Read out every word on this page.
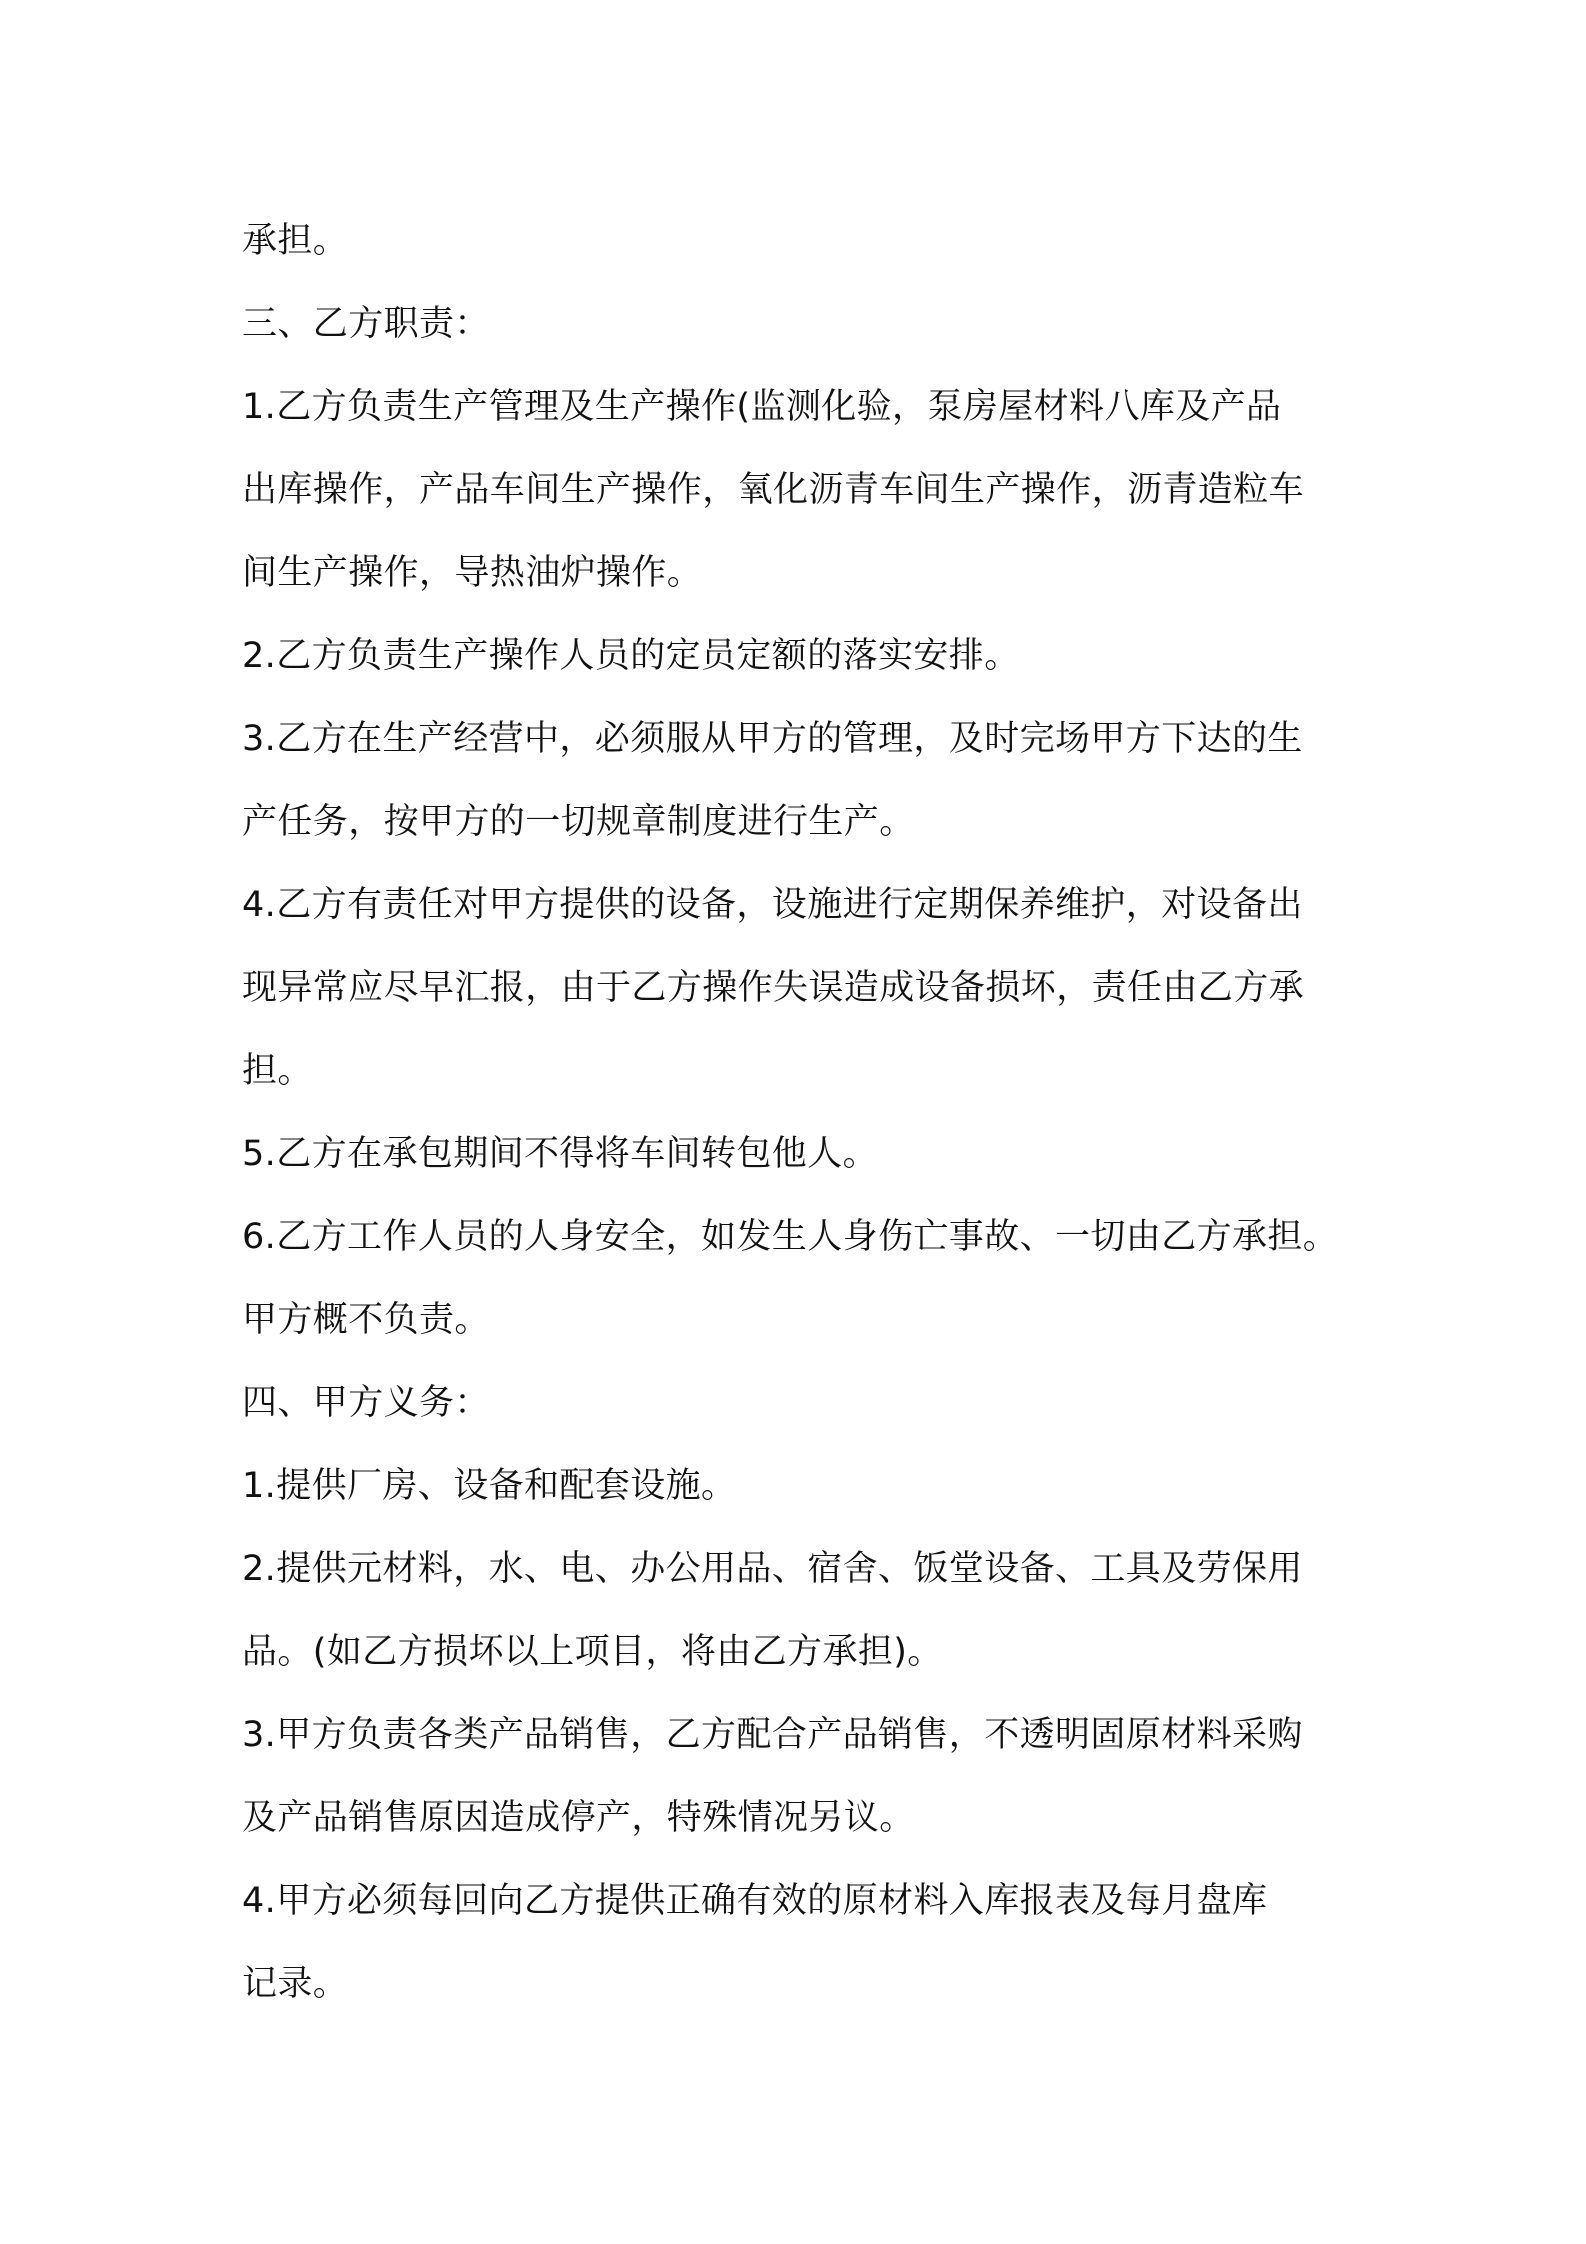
承担。
三、乙方职责：
1.乙方负责生产管理及生产操作(监测化验，泵房屋材料八库及产品
出库操作，产品车间生产操作，氧化沥青车间生产操作，沥青造粒车
间生产操作，导热油炉操作。
2.乙方负责生产操作人员的定员定额的落实安排。
3.乙方在生产经营中，必须服从甲方的管理，及时完场甲方下达的生
产任务，按甲方的一切规章制度进行生产。
4.乙方有责任对甲方提供的设备，设施进行定期保养维护，对设备出
现异常应尽早汇报，由于乙方操作失误造成设备损坏，责任由乙方承
担。
5.乙方在承包期间不得将车间转包他人。
6.乙方工作人员的人身安全，如发生人身伤亡事故、一切由乙方承担。
甲方概不负责。
四、甲方义务：
1.提供厂房、设备和配套设施。
2.提供元材料，水、电、办公用品、宿舍、饭堂设备、工具及劳保用
品。(如乙方损坏以上项目，将由乙方承担)。
3.甲方负责各类产品销售，乙方配合产品销售，不透明固原材料采购
及产品销售原因造成停产，特殊情况另议。
4.甲方必须每回向乙方提供正确有效的原材料入库报表及每月盘库
记录。
